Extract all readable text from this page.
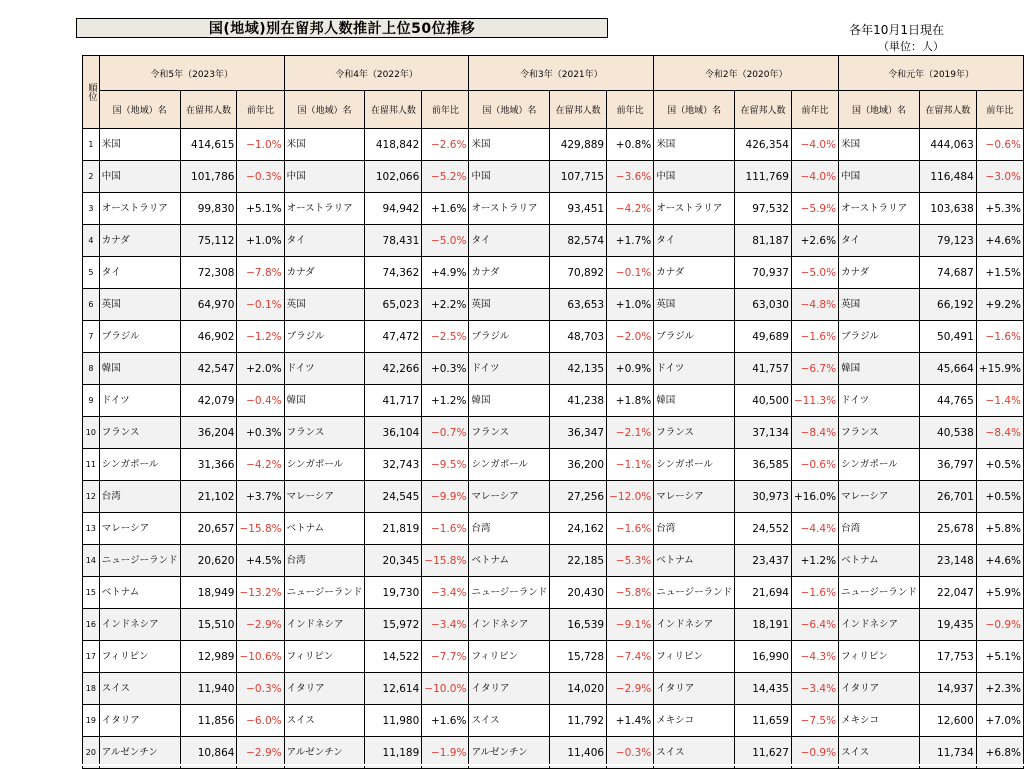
国(地域)別在留邦人数推計上位50位推移	各年10月1日現在
（単位：人）
順位	令和5年（2023年）			令和4年（2022年）			令和3年（2021年）			令和2年（2020年）			令和元年（2019年）		
	国（地域）名	在留邦人数	前年比	国（地域）名	在留邦人数	前年比	国（地域）名	在留邦人数	前年比	国（地域）名	在留邦人数	前年比	国（地域）名	在留邦人数	前年比
1	米国	414,615	−1.0%	米国	418,842	−2.6%	米国	429,889	+0.8%	米国	426,354	−4.0%	米国	444,063	−0.6%
2	中国	101,786	−0.3%	中国	102,066	−5.2%	中国	107,715	−3.6%	中国	111,769	−4.0%	中国	116,484	−3.0%
3	オーストラリア	99,830	+5.1%	オーストラリア	94,942	+1.6%	オーストラリア	93,451	−4.2%	オーストラリア	97,532	−5.9%	オーストラリア	103,638	+5.3%
4	カナダ	75,112	+1.0%	タイ	78,431	−5.0%	タイ	82,574	+1.7%	タイ	81,187	+2.6%	タイ	79,123	+4.6%
5	タイ	72,308	−7.8%	カナダ	74,362	+4.9%	カナダ	70,892	−0.1%	カナダ	70,937	−5.0%	カナダ	74,687	+1.5%
6	英国	64,970	−0.1%	英国	65,023	+2.2%	英国	63,653	+1.0%	英国	63,030	−4.8%	英国	66,192	+9.2%
7	ブラジル	46,902	−1.2%	ブラジル	47,472	−2.5%	ブラジル	48,703	−2.0%	ブラジル	49,689	−1.6%	ブラジル	50,491	−1.6%
8	韓国	42,547	+2.0%	ドイツ	42,266	+0.3%	ドイツ	42,135	+0.9%	ドイツ	41,757	−6.7%	韓国	45,664	+15.9%
9	ドイツ	42,079	−0.4%	韓国	41,717	+1.2%	韓国	41,238	+1.8%	韓国	40,500	−11.3%	ドイツ	44,765	−1.4%
10	フランス	36,204	+0.3%	フランス	36,104	−0.7%	フランス	36,347	−2.1%	フランス	37,134	−8.4%	フランス	40,538	−8.4%
11	シンガポール	31,366	−4.2%	シンガポール	32,743	−9.5%	シンガポール	36,200	−1.1%	シンガポール	36,585	−0.6%	シンガポール	36,797	+0.5%
12	台湾	21,102	+3.7%	マレーシア	24,545	−9.9%	マレーシア	27,256	−12.0%	マレーシア	30,973	+16.0%	マレーシア	26,701	+0.5%
13	マレーシア	20,657	−15.8%	ベトナム	21,819	−1.6%	台湾	24,162	−1.6%	台湾	24,552	−4.4%	台湾	25,678	+5.8%
14	ニュージーランド	20,620	+4.5%	台湾	20,345	−15.8%	ベトナム	22,185	−5.3%	ベトナム	23,437	+1.2%	ベトナム	23,148	+4.6%
15	ベトナム	18,949	−13.2%	ニュージーランド	19,730	−3.4%	ニュージーランド	20,430	−5.8%	ニュージーランド	21,694	−1.6%	ニュージーランド	22,047	+5.9%
16	インドネシア	15,510	−2.9%	インドネシア	15,972	−3.4%	インドネシア	16,539	−9.1%	インドネシア	18,191	−6.4%	インドネシア	19,435	−0.9%
17	フィリピン	12,989	−10.6%	フィリピン	14,522	−7.7%	フィリピン	15,728	−7.4%	フィリピン	16,990	−4.3%	フィリピン	17,753	+5.1%
18	スイス	11,940	−0.3%	イタリア	12,614	−10.0%	イタリア	14,020	−2.9%	イタリア	14,435	−3.4%	イタリア	14,937	+2.3%
19	イタリア	11,856	−6.0%	スイス	11,980	+1.6%	スイス	11,792	+1.4%	メキシコ	11,659	−7.5%	メキシコ	12,600	+7.0%
20	アルゼンチン	10,864	−2.9%	アルゼンチン	11,189	−1.9%	アルゼンチン	11,406	−0.3%	スイス	11,627	−0.9%	スイス	11,734	+6.8%
